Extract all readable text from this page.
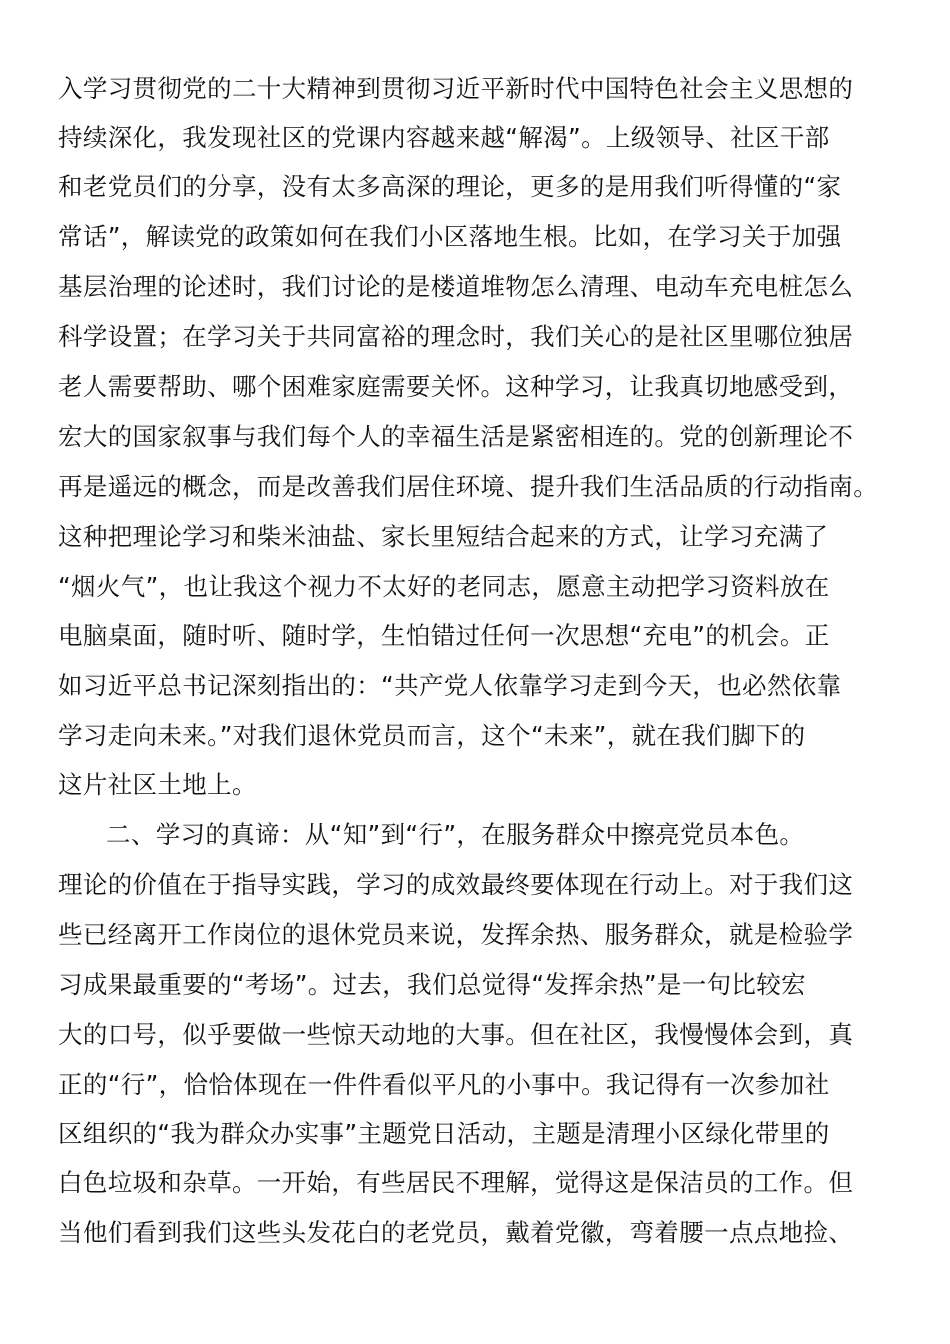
入学习贯彻党的二十大精神到贯彻习近平新时代中国特色社会主义思想的
持续深化，我发现社区的党课内容越来越“解渴”。上级领导、社区干部
和老党员们的分享，没有太多高深的理论，更多的是用我们听得懂的“家
常话”，解读党的政策如何在我们小区落地生根。比如，在学习关于加强
基层治理的论述时，我们讨论的是楼道堆物怎么清理、电动车充电桩怎么
科学设置；在学习关于共同富裕的理念时，我们关心的是社区里哪位独居
老人需要帮助、哪个困难家庭需要关怀。这种学习，让我真切地感受到，
宏大的国家叙事与我们每个人的幸福生活是紧密相连的。党的创新理论不
再是遥远的概念，而是改善我们居住环境、提升我们生活品质的行动指南。
这种把理论学习和柴米油盐、家长里短结合起来的方式，让学习充满了
“烟火气”，也让我这个视力不太好的老同志，愿意主动把学习资料放在
电脑桌面，随时听、随时学，生怕错过任何一次思想“充电”的机会。正
如习近平总书记深刻指出的：“共产党人依靠学习走到今天，也必然依靠
学习走向未来。”对我们退休党员而言，这个“未来”，就在我们脚下的
这片社区土地上。
二、学习的真谛：从“知”到“行”，在服务群众中擦亮党员本色。
理论的价值在于指导实践，学习的成效最终要体现在行动上。对于我们这
些已经离开工作岗位的退休党员来说，发挥余热、服务群众，就是检验学
习成果最重要的“考场”。过去，我们总觉得“发挥余热”是一句比较宏
大的口号，似乎要做一些惊天动地的大事。但在社区，我慢慢体会到，真
正的“行”，恰恰体现在一件件看似平凡的小事中。我记得有一次参加社
区组织的“我为群众办实事”主题党日活动，主题是清理小区绿化带里的
白色垃圾和杂草。一开始，有些居民不理解，觉得这是保洁员的工作。但
当他们看到我们这些头发花白的老党员，戴着党徽，弯着腰一点点地捡、
